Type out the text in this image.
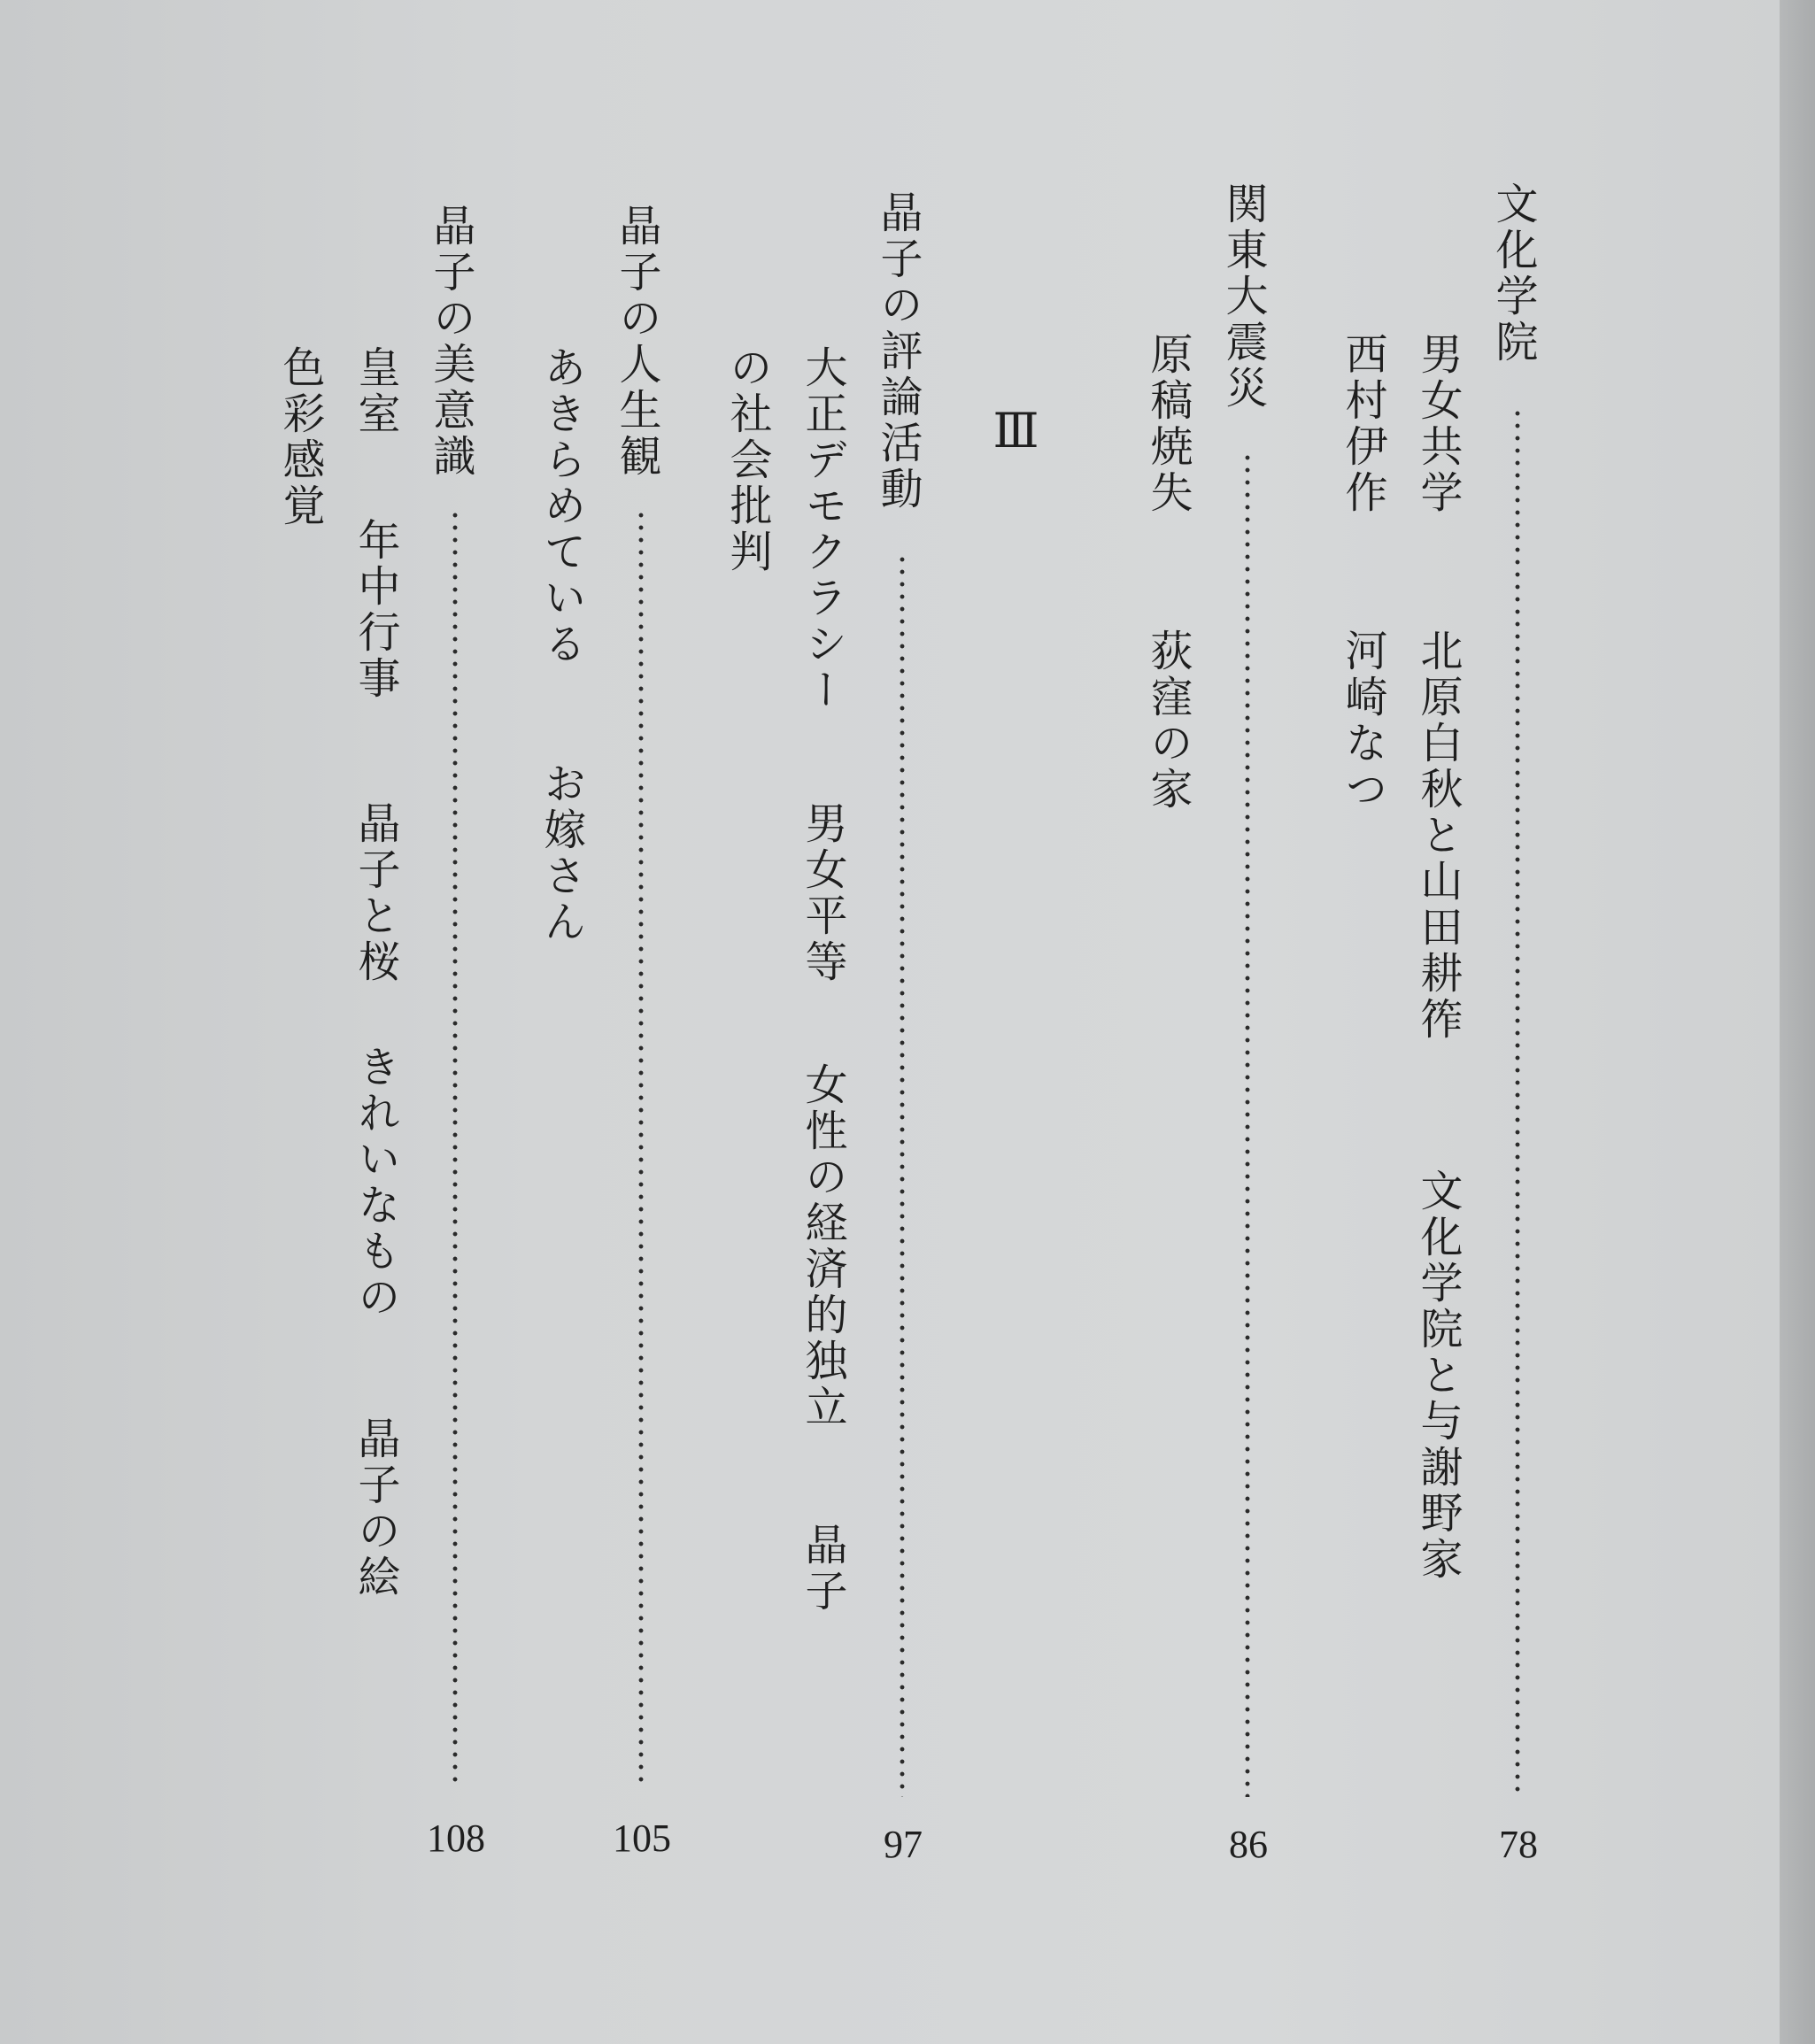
文化学院
78
男女共学
北原白秋と山田耕筰
文化学院と与謝野家
西村伊作
河崎なつ
関東大震災
86
原稿焼失
荻窪の家
Ⅲ
晶子の評論活動
97
大正デモクラシー
男女平等
女性の経済的独立
晶子
の社会批判
晶子の人生観
105
あきらめている
お嫁さん
晶子の美意識
108
皇室
年中行事
晶子と桜
きれいなもの
晶子の絵
色彩感覚
